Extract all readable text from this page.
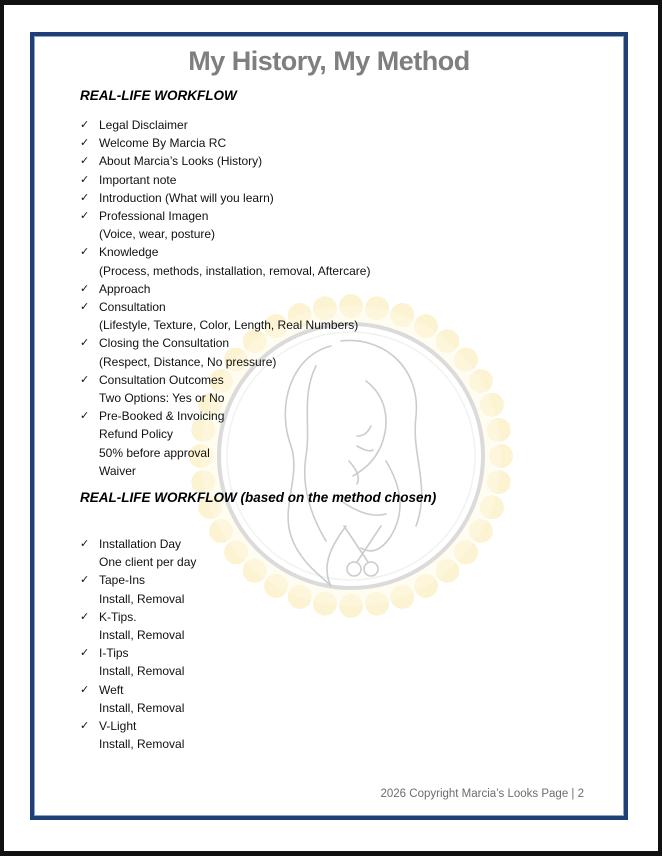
My History, My Method
REAL-LIFE WORKFLOW
✓ Legal Disclaimer
✓ Welcome By Marcia RC
✓ About Marcia’s Looks (History)
✓ Important note
✓ Introduction (What will you learn)
✓ Professional Imagen
(Voice, wear, posture)
✓ Knowledge
(Process, methods, installation, removal, Aftercare)
✓ Approach
✓ Consultation
(Lifestyle, Texture, Color, Length, Real Numbers)
✓ Closing the Consultation
(Respect, Distance, No pressure)
✓ Consultation Outcomes
Two Options: Yes or No
✓ Pre-Booked & Invoicing
Refund Policy
50% before approval
Waiver
REAL-LIFE WORKFLOW (based on the method chosen)
✓ Installation Day
One client per day
✓ Tape-Ins
Install, Removal
✓ K-Tips.
Install, Removal
✓ I-Tips
Install, Removal
✓ Weft
Install, Removal
✓ V-Light
Install, Removal
2026 Copyright Marcia’s Looks Page | 2
